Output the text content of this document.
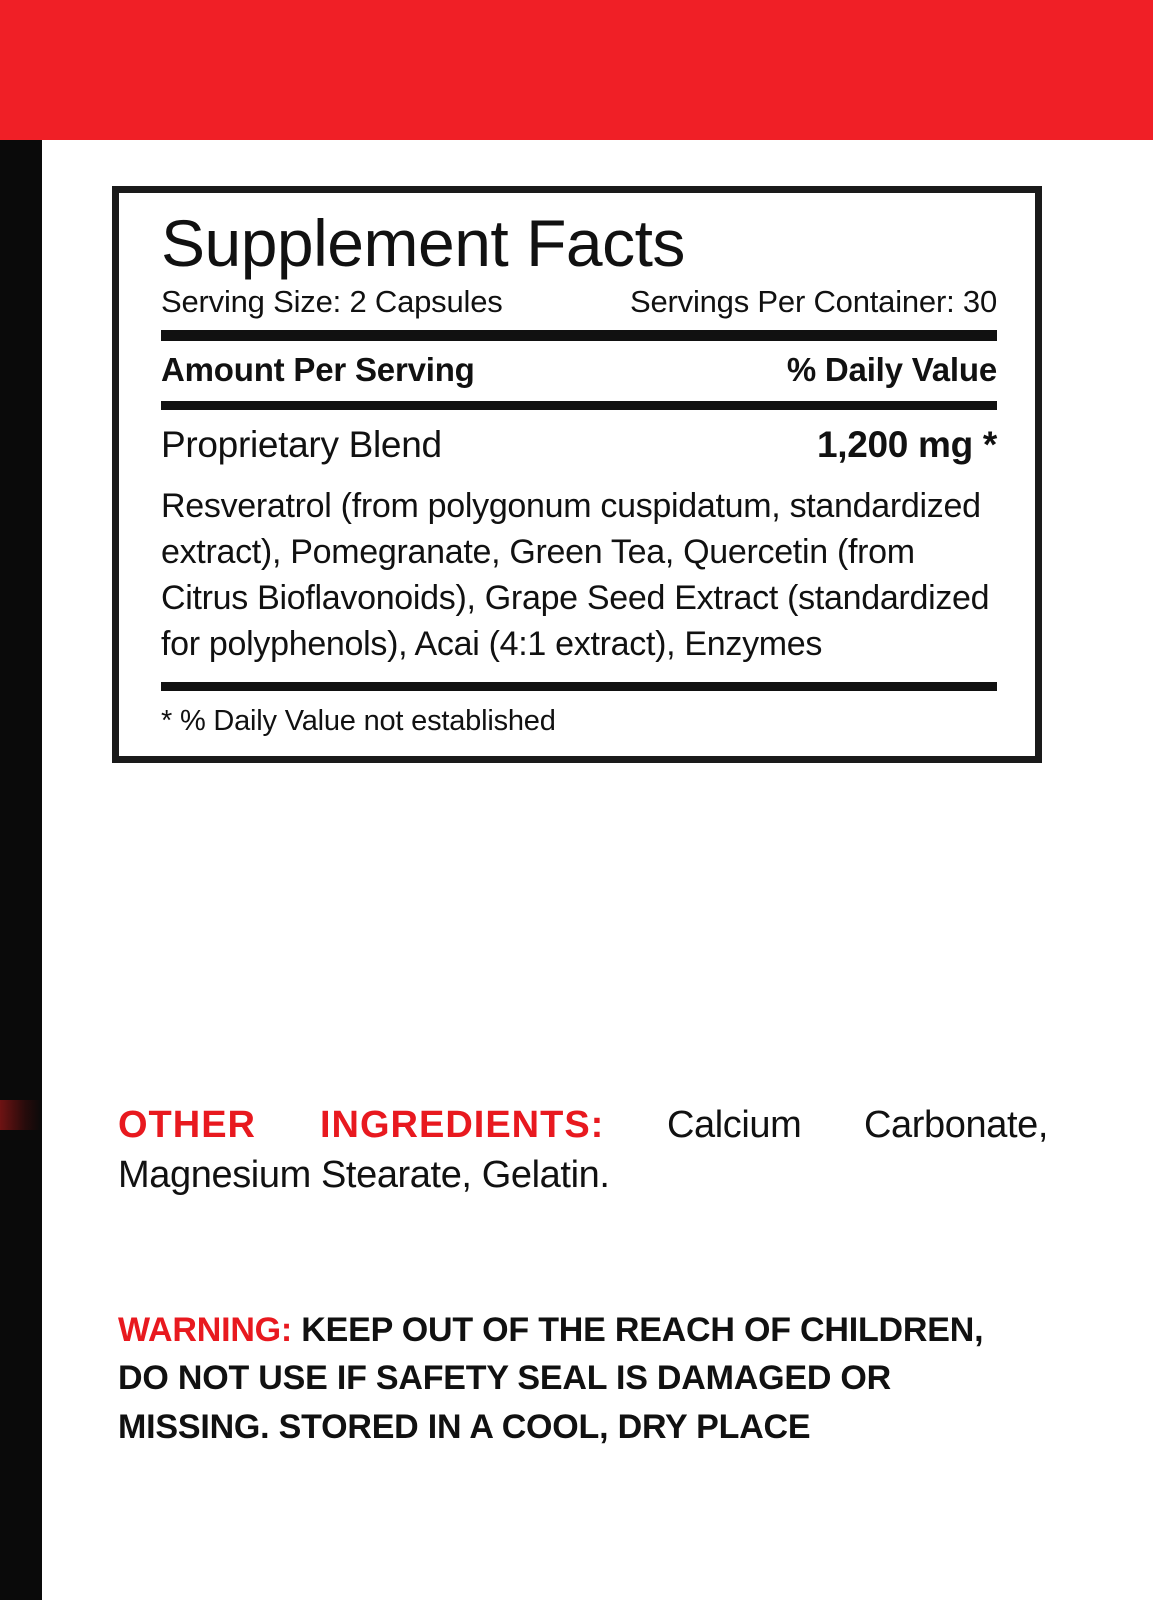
Supplement Facts
Serving Size: 2 Capsules	Servings Per Container: 30
Amount Per Serving	% Daily Value
Proprietary Blend	1,200 mg *
Resveratrol (from polygonum cuspidatum, standardized extract), Pomegranate, Green Tea, Quercetin (from Citrus Bioflavonoids), Grape Seed Extract (standardized for polyphenols), Acai (4:1 extract), Enzymes
* % Daily Value not established
OTHER INGREDIENTS: Calcium Carbonate, Magnesium Stearate, Gelatin.
WARNING: KEEP OUT OF THE REACH OF CHILDREN,
DO NOT USE IF SAFETY SEAL IS DAMAGED OR
MISSING. STORED IN A COOL, DRY PLACE
